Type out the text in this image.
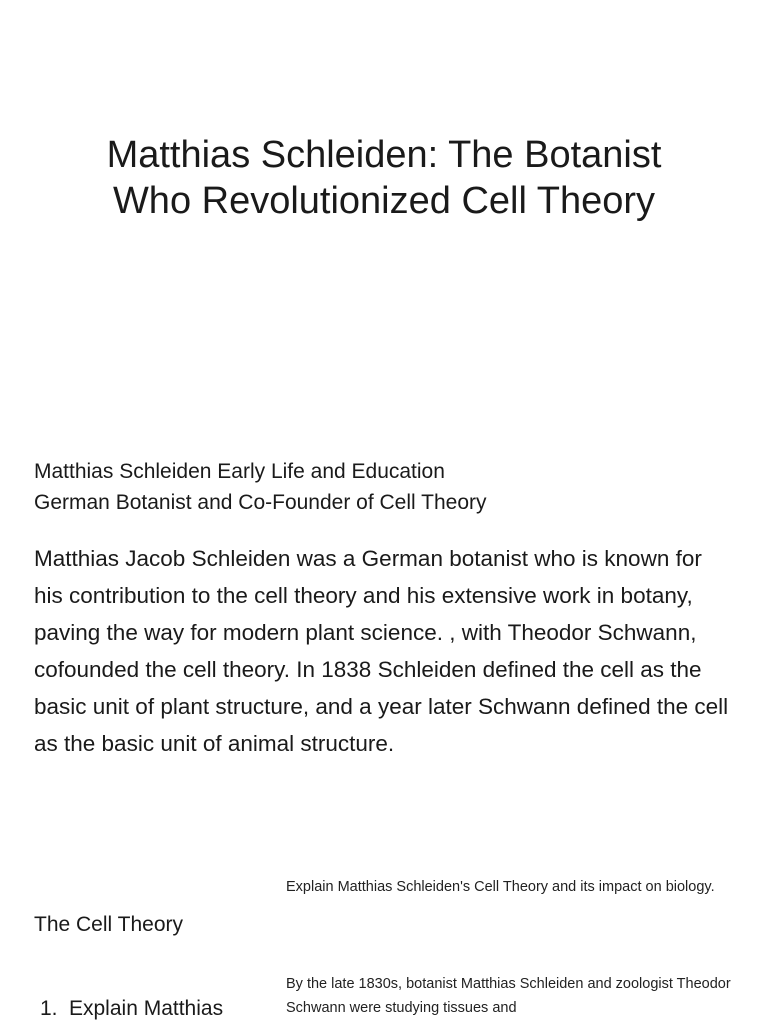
Matthias Schleiden: The Botanist
Who Revolutionized Cell Theory
Matthias Schleiden Early Life and Education
German Botanist and Co-Founder of Cell Theory

Matthias Jacob Schleiden was a German botanist who is known for his contribution to the cell theory and his extensive work in botany, paving the way for modern plant science. , with Theodor Schwann, cofounded the cell theory. In 1838 Schleiden defined the cell as the basic unit of plant structure, and a year later Schwann defined the cell as the basic unit of animal structure.

The Cell Theory

Explain Matthias Schleiden's Cell Theory and its impact on biology.

By the late 1830s, botanist Matthias Schleiden and zoologist Theodor Schwann were studying tissues and

1. Explain Matthias
